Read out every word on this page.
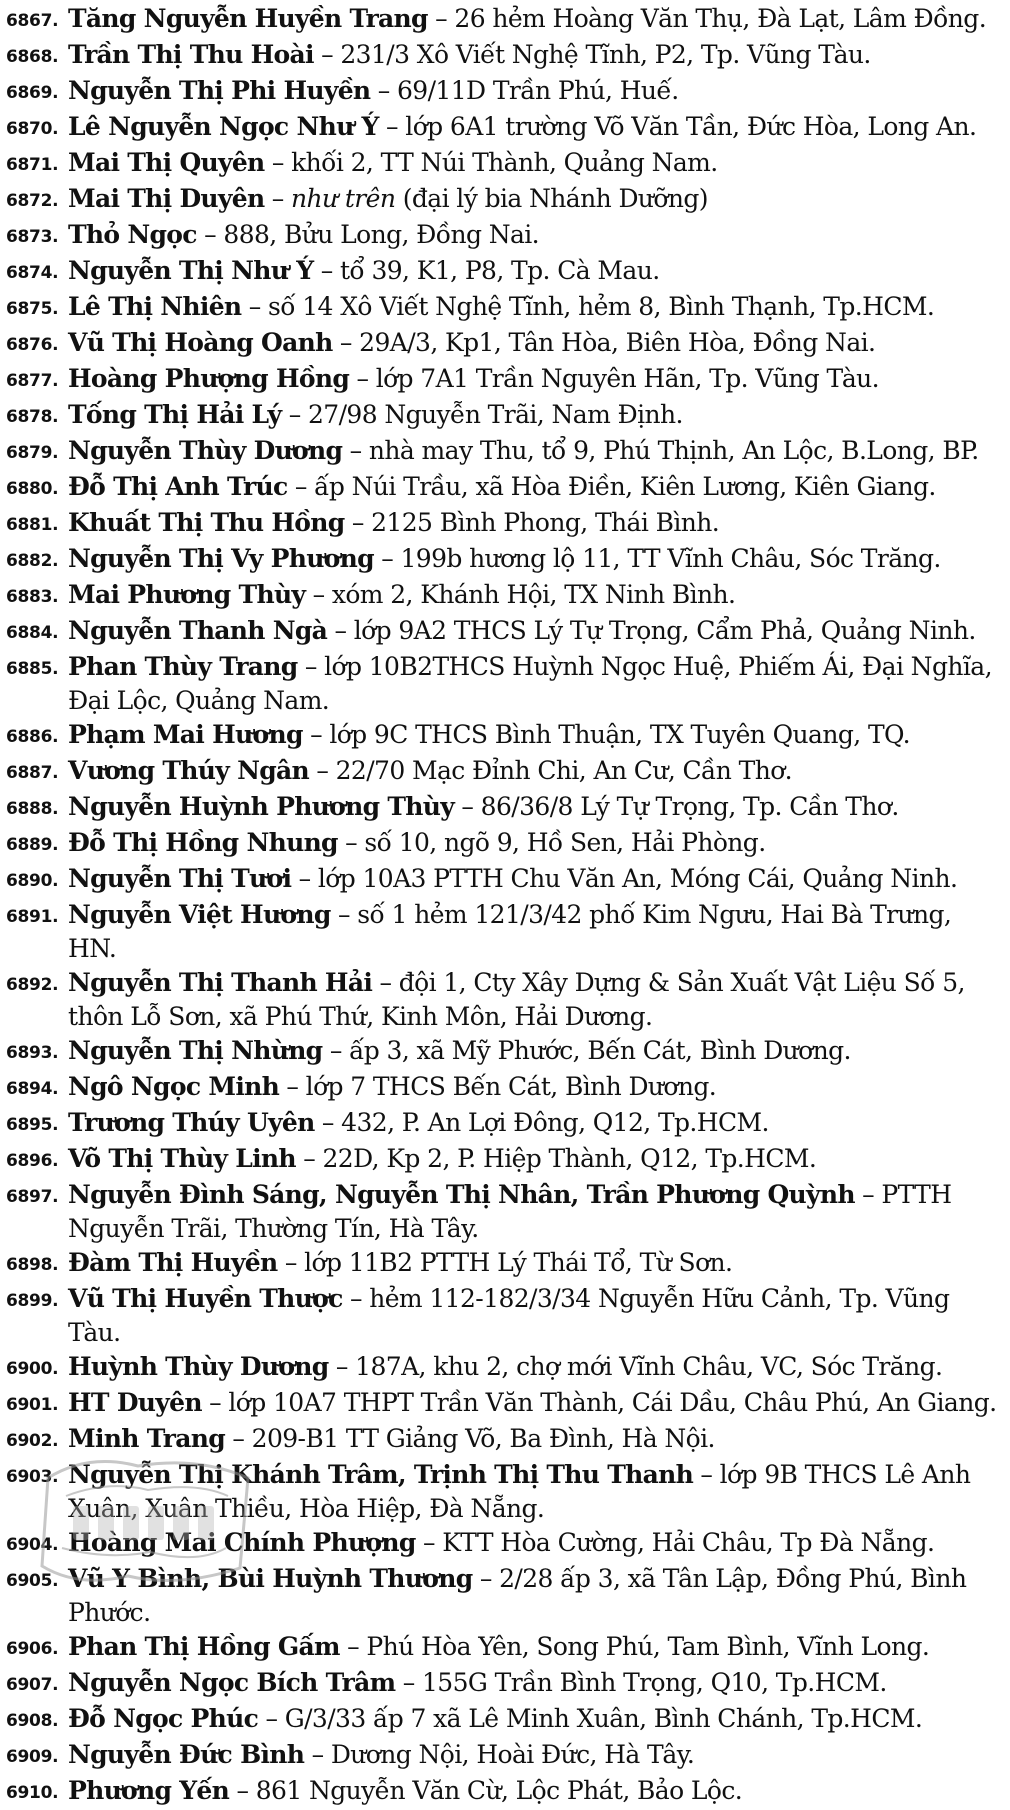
6867. Tăng Nguyễn Huyền Trang – 26 hẻm Hoàng Văn Thụ, Đà Lạt, Lâm Đồng.
6868. Trần Thị Thu Hoài – 231/3 Xô Viết Nghệ Tĩnh, P2, Tp. Vũng Tàu.
6869. Nguyễn Thị Phi Huyền – 69/11D Trần Phú, Huế.
6870. Lê Nguyễn Ngọc Như Ý – lớp 6A1 trường Võ Văn Tần, Đức Hòa, Long An.
6871. Mai Thị Quyên – khối 2, TT Núi Thành, Quảng Nam.
6872. Mai Thị Duyên – như trên (đại lý bia Nhánh Dưỡng)
6873. Thỏ Ngọc – 888, Bửu Long, Đồng Nai.
6874. Nguyễn Thị Như Ý – tổ 39, K1, P8, Tp. Cà Mau.
6875. Lê Thị Nhiên – số 14 Xô Viết Nghệ Tĩnh, hẻm 8, Bình Thạnh, Tp.HCM.
6876. Vũ Thị Hoàng Oanh – 29A/3, Kp1, Tân Hòa, Biên Hòa, Đồng Nai.
6877. Hoàng Phượng Hồng – lớp 7A1 Trần Nguyên Hãn, Tp. Vũng Tàu.
6878. Tống Thị Hải Lý – 27/98 Nguyễn Trãi, Nam Định.
6879. Nguyễn Thùy Dương – nhà may Thu, tổ 9, Phú Thịnh, An Lộc, B.Long, BP.
6880. Đỗ Thị Anh Trúc – ấp Núi Trầu, xã Hòa Điền, Kiên Lương, Kiên Giang.
6881. Khuất Thị Thu Hồng – 2125 Bình Phong, Thái Bình.
6882. Nguyễn Thị Vy Phương – 199b hương lộ 11, TT Vĩnh Châu, Sóc Trăng.
6883. Mai Phương Thùy – xóm 2, Khánh Hội, TX Ninh Bình.
6884. Nguyễn Thanh Ngà – lớp 9A2 THCS Lý Tự Trọng, Cẩm Phả, Quảng Ninh.
6885. Phan Thùy Trang – lớp 10B2THCS Huỳnh Ngọc Huệ, Phiếm Ái, Đại Nghĩa, Đại Lộc, Quảng Nam.
6886. Phạm Mai Hương – lớp 9C THCS Bình Thuận, TX Tuyên Quang, TQ.
6887. Vương Thúy Ngân – 22/70 Mạc Đỉnh Chi, An Cư, Cần Thơ.
6888. Nguyễn Huỳnh Phương Thùy – 86/36/8 Lý Tự Trọng, Tp. Cần Thơ.
6889. Đỗ Thị Hồng Nhung – số 10, ngõ 9, Hồ Sen, Hải Phòng.
6890. Nguyễn Thị Tươi – lớp 10A3 PTTH Chu Văn An, Móng Cái, Quảng Ninh.
6891. Nguyễn Việt Hương – số 1 hẻm 121/3/42 phố Kim Ngưu, Hai Bà Trưng, HN.
6892. Nguyễn Thị Thanh Hải – đội 1, Cty Xây Dựng & Sản Xuất Vật Liệu Số 5, thôn Lỗ Sơn, xã Phú Thứ, Kinh Môn, Hải Dương.
6893. Nguyễn Thị Nhừng – ấp 3, xã Mỹ Phước, Bến Cát, Bình Dương.
6894. Ngô Ngọc Minh – lớp 7 THCS Bến Cát, Bình Dương.
6895. Trương Thúy Uyên – 432, P. An Lợi Đông, Q12, Tp.HCM.
6896. Võ Thị Thùy Linh – 22D, Kp 2, P. Hiệp Thành, Q12, Tp.HCM.
6897. Nguyễn Đình Sáng, Nguyễn Thị Nhân, Trần Phương Quỳnh – PTTH Nguyễn Trãi, Thường Tín, Hà Tây.
6898. Đàm Thị Huyền – lớp 11B2 PTTH Lý Thái Tổ, Từ Sơn.
6899. Vũ Thị Huyền Thược – hẻm 112-182/3/34 Nguyễn Hữu Cảnh, Tp. Vũng Tàu.
6900. Huỳnh Thùy Dương – 187A, khu 2, chợ mới Vĩnh Châu, VC, Sóc Trăng.
6901. HT Duyên – lớp 10A7 THPT Trần Văn Thành, Cái Dầu, Châu Phú, An Giang.
6902. Minh Trang – 209-B1 TT Giảng Võ, Ba Đình, Hà Nội.
6903. Nguyễn Thị Khánh Trâm, Trịnh Thị Thu Thanh – lớp 9B THCS Lê Anh Xuân, Xuân Thiều, Hòa Hiệp, Đà Nẵng.
6904. Hoàng Mai Chính Phượng – KTT Hòa Cường, Hải Châu, Tp Đà Nẵng.
6905. Vũ Y Bình, Bùi Huỳnh Thương – 2/28 ấp 3, xã Tân Lập, Đồng Phú, Bình Phước.
6906. Phan Thị Hồng Gấm – Phú Hòa Yên, Song Phú, Tam Bình, Vĩnh Long.
6907. Nguyễn Ngọc Bích Trâm – 155G Trần Bình Trọng, Q10, Tp.HCM.
6908. Đỗ Ngọc Phúc – G/3/33 ấp 7 xã Lê Minh Xuân, Bình Chánh, Tp.HCM.
6909. Nguyễn Đức Bình – Dương Nội, Hoài Đức, Hà Tây.
6910. Phương Yến – 861 Nguyễn Văn Cừ, Lộc Phát, Bảo Lộc.
